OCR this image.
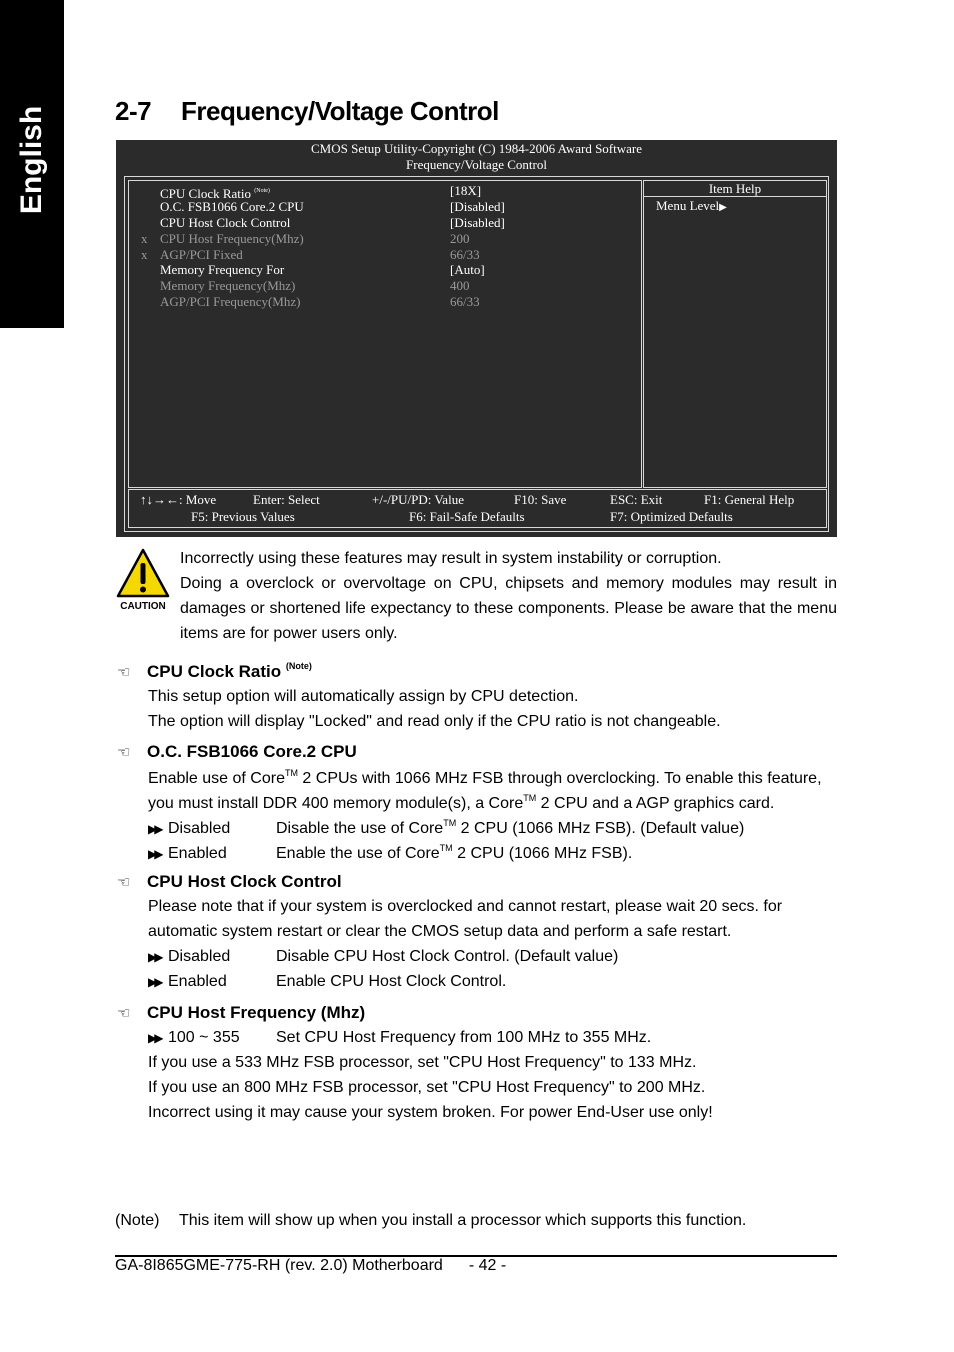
English	2-7 Frequency/Voltage Control
CMOS Setup Utility-Copyright (C) 1984-2006 Award Software
Frequency/Voltage Control
CPU Clock Ratio $^{(Note)}$	[18X]
O.C. FSB1066 Core.2 CPU	[Disabled]
CPU Host Clock Control	[Disabled]
x CPU Host Frequency(Mhz)	200
x AGP/PCI Fixed	66/33
Memory Frequency For	[Auto]
Memory Frequency(Mhz)	400
AGP/PCI Frequency(Mhz)	66/33
Item Help
Menu Level▶
↑↓→←: Move	Enter: Select	+/-/PU/PD: Value	F10: Save	ESC: Exit	F1: General Help
F5: Previous Values	F6: Fail-Safe Defaults	F7: Optimized Defaults
CAUTION

Incorrectly using these features may result in system instability or corruption.

Doing a overclock or overvoltage on CPU, chipsets and memory modules may result in damages or shortened life expectancy to these components. Please be aware that the menu items are for power users only.

☜ CPU Clock Ratio $^{(Note)}$
This setup option will automatically assign by CPU detection.
The option will display "Locked" and read only if the CPU ratio is not changeable.
☜ O.C. FSB1066 Core.2 CPU
Enable use of Core™ 2 CPUs with 1066 MHz FSB through overclocking. To enable this feature,
you must install DDR 400 memory module(s), a Core™ 2 CPU and a AGP graphics card.
▶▶ Disabled	Disable the use of Core™ 2 CPU (1066 MHz FSB). (Default value)
▶▶ Enabled	Enable the use of Core™ 2 CPU (1066 MHz FSB).
☜ CPU Host Clock Control
Please note that if your system is overclocked and cannot restart, please wait 20 secs. for
automatic system restart or clear the CMOS setup data and perform a safe restart.
▶▶ Disabled	Disable CPU Host Clock Control. (Default value)
▶▶ Enabled	Enable CPU Host Clock Control.
☜ CPU Host Frequency (Mhz)
▶▶ 100 ~ 355 Set CPU Host Frequency from 100 MHz to 355 MHz.
If you use a 533 MHz FSB processor, set "CPU Host Frequency" to 133 MHz.
If you use an 800 MHz FSB processor, set "CPU Host Frequency" to 200 MHz.
Incorrect using it may cause your system broken. For power End-User use only!
(Note) This item will show up when you install a processor which supports this function.
GA-8I865GME-775-RH (rev. 2.0) Motherboard - 42 -
